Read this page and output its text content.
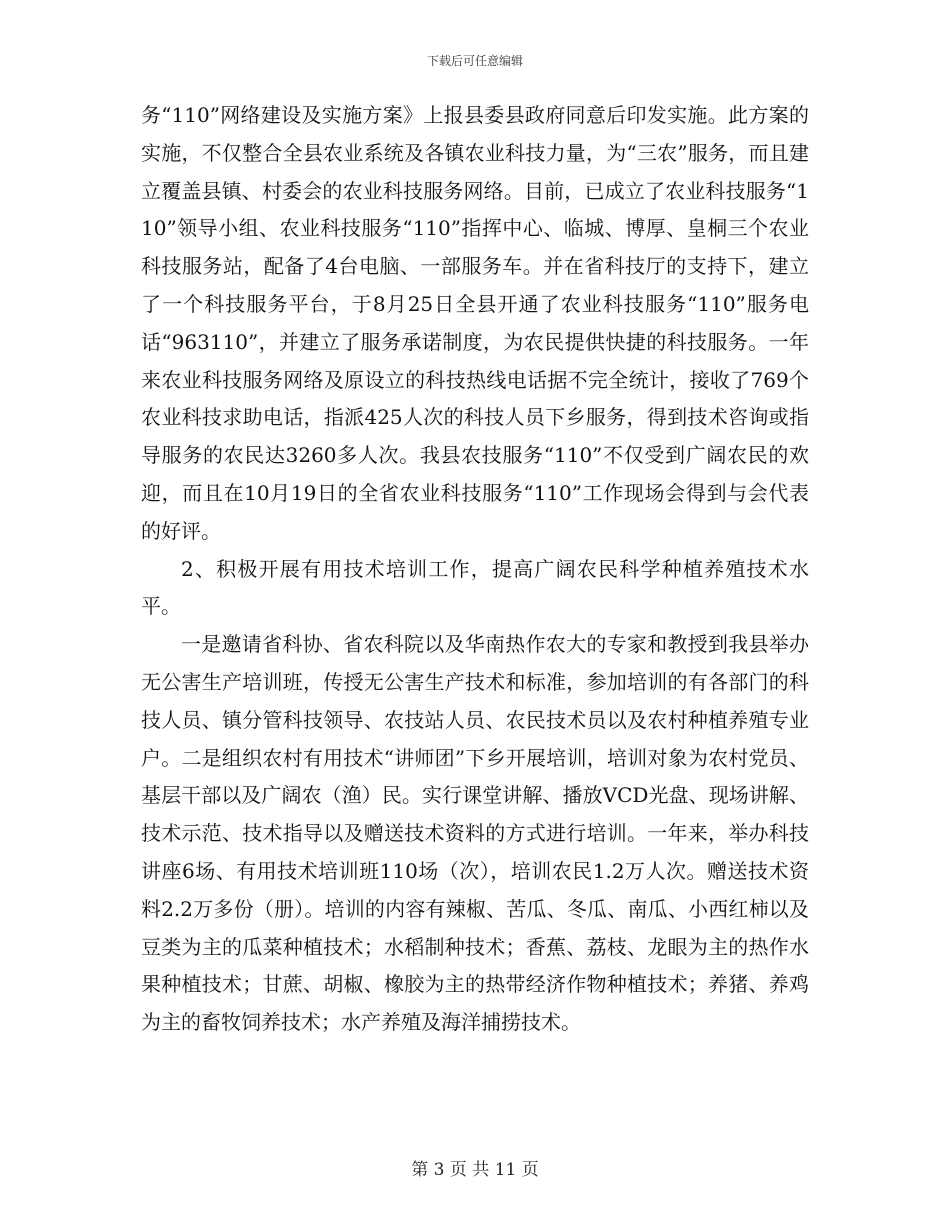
下载后可任意编辑

务“110”网络建设及实施方案》上报县委县政府同意后印发实施。此方案的实施，不仅整合全县农业系统及各镇农业科技力量，为“三农”服务，而且建立覆盖县镇、村委会的农业科技服务网络。目前，已成立了农业科技服务“110”领导小组、农业科技服务“110”指挥中心、临城、博厚、皇桐三个农业科技服务站，配备了4台电脑、一部服务车。并在省科技厅的支持下，建立了一个科技服务平台，于8月25日全县开通了农业科技服务“110”服务电话“963110”，并建立了服务承诺制度，为农民提供快捷的科技服务。一年来农业科技服务网络及原设立的科技热线电话据不完全统计，接收了769个农业科技求助电话，指派425人次的科技人员下乡服务，得到技术咨询或指导服务的农民达3260多人次。我县农技服务“110”不仅受到广阔农民的欢迎，而且在10月19日的全省农业科技服务“110”工作现场会得到与会代表的好评。

2、积极开展有用技术培训工作，提高广阔农民科学种植养殖技术水平。

一是邀请省科协、省农科院以及华南热作农大的专家和教授到我县举办无公害生产培训班，传授无公害生产技术和标准，参加培训的有各部门的科技人员、镇分管科技领导、农技站人员、农民技术员以及农村种植养殖专业户。二是组织农村有用技术“讲师团”下乡开展培训，培训对象为农村党员、基层干部以及广阔农（渔）民。实行课堂讲解、播放VCD光盘、现场讲解、技术示范、技术指导以及赠送技术资料的方式进行培训。一年来，举办科技讲座6场、有用技术培训班110场（次），培训农民1.2万人次。赠送技术资料2.2万多份（册）。培训的内容有辣椒、苦瓜、冬瓜、南瓜、小西红柿以及豆类为主的瓜菜种植技术；水稻制种技术；香蕉、荔枝、龙眼为主的热作水果种植技术；甘蔗、胡椒、橡胶为主的热带经济作物种植技术；养猪、养鸡为主的畜牧饲养技术；水产养殖及海洋捕捞技术。

第 3 页 共 11 页
